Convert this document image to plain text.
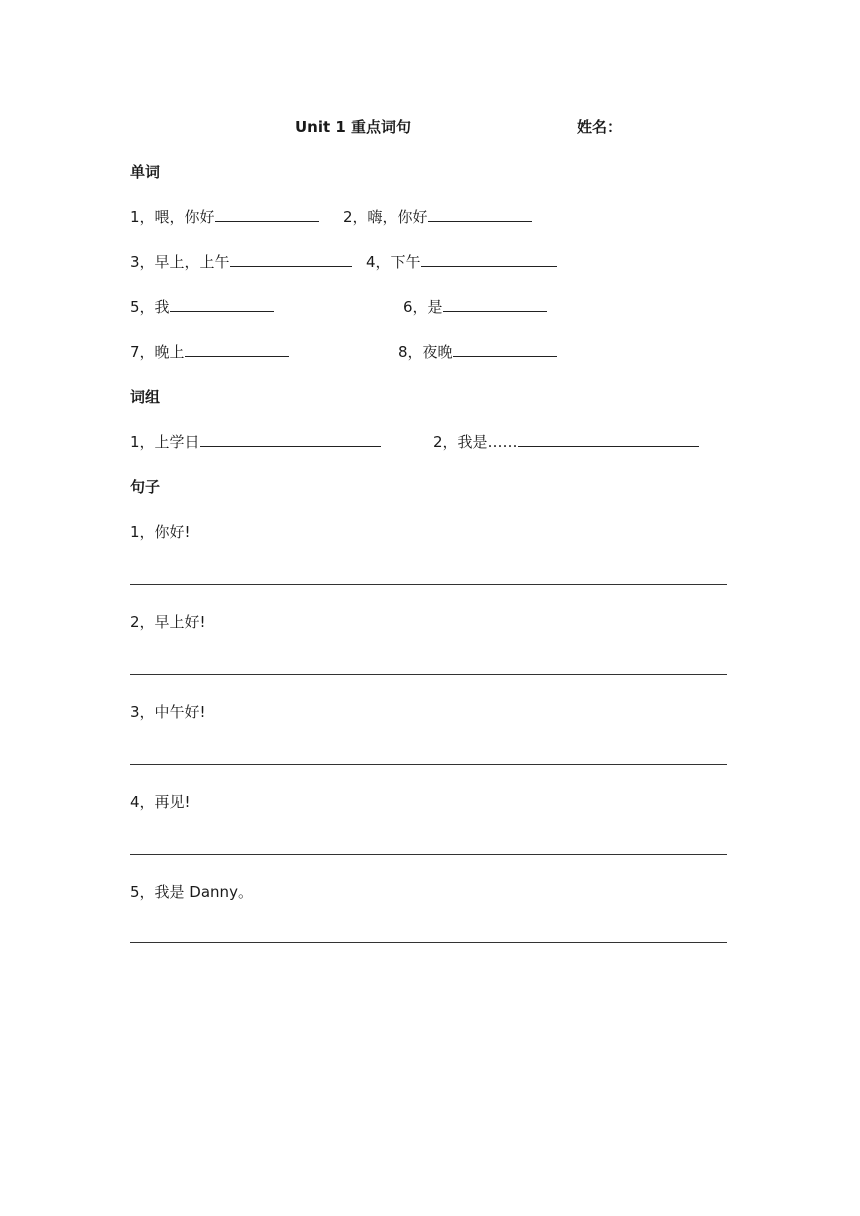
Unit 1 重点词句	姓名：
单词
1，喂，你好	2，嗨，你好
3，早上，上午	4，下午
5，我	6，是
7，晚上	8，夜晚
词组
1，上学日	2，我是……
句子
1，你好!
2，早上好!
3，中午好!
4，再见!
5，我是 Danny。
